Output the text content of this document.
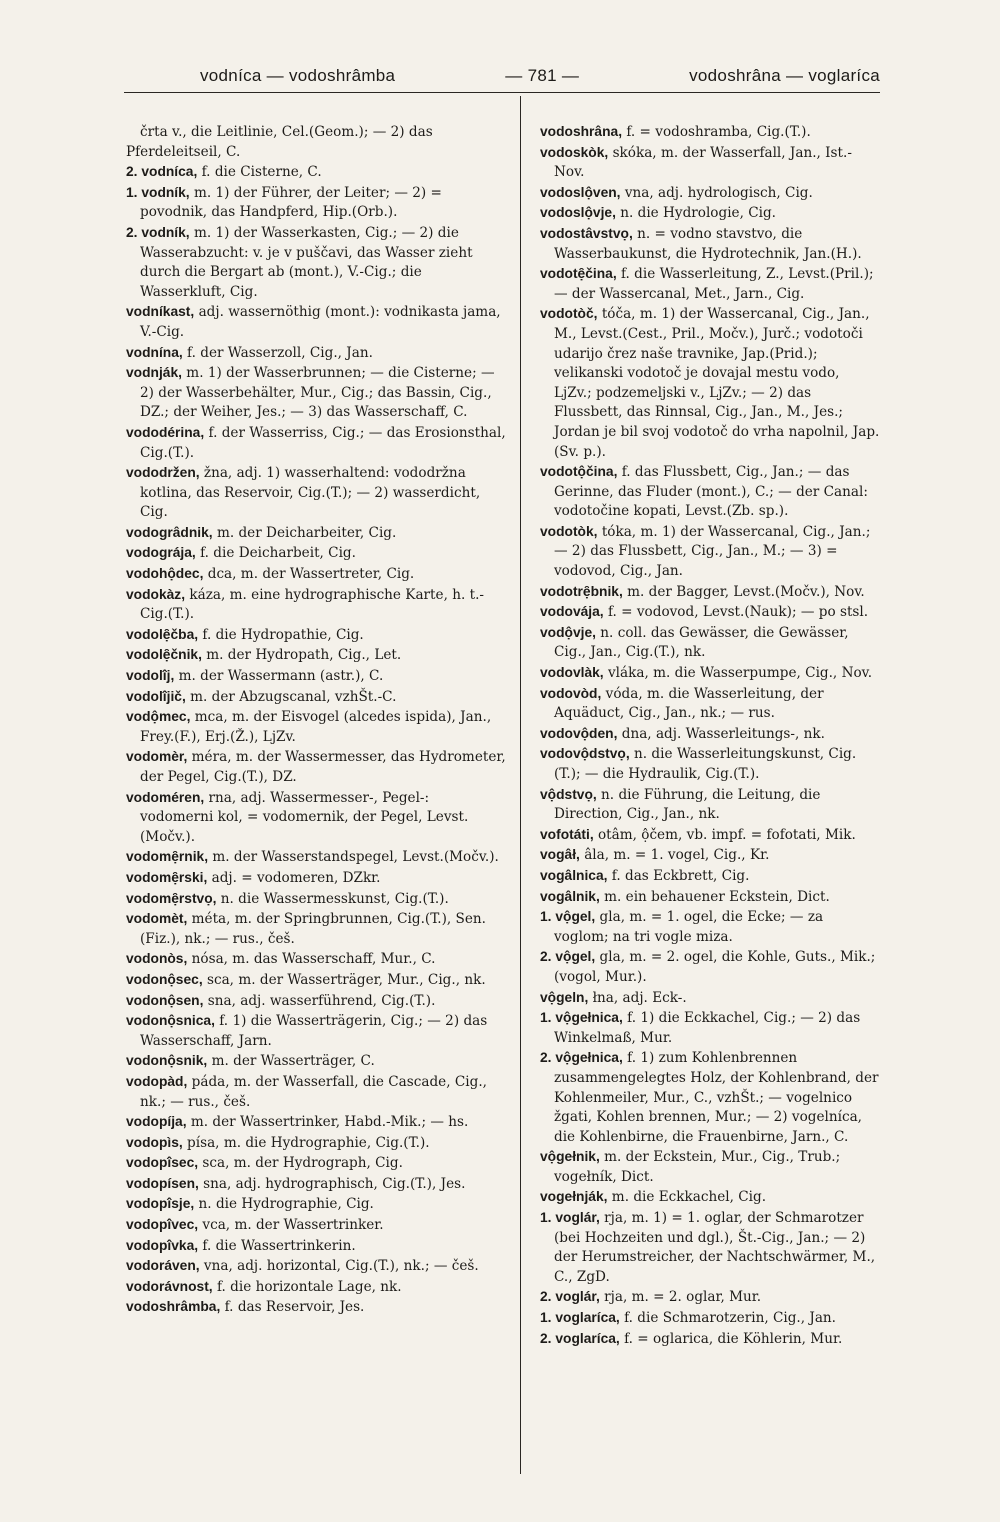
vodníca — vodoshrâmba	— 781 —	vodoshrâna — voglaríca

črta v., die Leitlinie, Cel.(Geom.); — 2) das Pferdeleitseil, C.

2. vodníca, f. die Cisterne, C.

1. vodník, m. 1) der Führer, der Leiter; — 2) = povodnik, das Handpferd, Hip.(Orb.).

2. vodník, m. 1) der Wasserkasten, Cig.; — 2) die Wasserabzucht: v. je v puščavi, das Wasser zieht durch die Bergart ab (mont.), V.-Cig.; die Wasserkluft, Cig.

vodníkast, adj. wassernöthig (mont.): vodnikasta jama, V.-Cig.

vodnína, f. der Wasserzoll, Cig., Jan.

vodnják, m. 1) der Wasserbrunnen; — die Cisterne; — 2) der Wasserbehälter, Mur., Cig.; das Bassin, Cig., DZ.; der Weiher, Jes.; — 3) das Wasserschaff, C.

vododérina, f. der Wasserriss, Cig.; — das Erosionsthal, Cig.(T.).

vododržen, žna, adj. 1) wasserhaltend: vododržna kotlina, das Reservoir, Cig.(T.); — 2) wasserdicht, Cig.

vodogrâdnik, m. der Deicharbeiter, Cig.

vodográja, f. die Deicharbeit, Cig.

vodohộdec, dca, m. der Wassertreter, Cig.

vodokàz, káza, m. eine hydrographische Karte, h. t.-Cig.(T.).

vodolẹ̑čba, f. die Hydropathie, Cig.

vodolẹ̑čnik, m. der Hydropath, Cig., Let.

vodolîj, m. der Wassermann (astr.), C.

vodolîjič, m. der Abzugscanal, vzhŠt.-C.

vodộmec, mca, m. der Eisvogel (alcedes ispida), Jan., Frey.(F.), Erj.(Ž.), LjZv.

vodomèr, méra, m. der Wassermesser, das Hydrometer, der Pegel, Cig.(T.), DZ.

vodoméren, rna, adj. Wassermesser-, Pegel-: vodomerni kol, = vodomernik, der Pegel, Levst.(Močv.).

vodomẹ̑rnik, m. der Wasserstandspegel, Levst.(Močv.).

vodomẹ̑rski, adj. = vodomeren, DZkr.

vodomẹ̑rstvọ, n. die Wassermesskunst, Cig.(T.).

vodomèt, méta, m. der Springbrunnen, Cig.(T.), Sen.(Fiz.), nk.; — rus., češ.

vodonòs, nósa, m. das Wasserschaff, Mur., C.

vodonộsec, sca, m. der Wasserträger, Mur., Cig., nk.

vodonộsen, sna, adj. wasserführend, Cig.(T.).

vodonộsnica, f. 1) die Wasserträgerin, Cig.; — 2) das Wasserschaff, Jarn.

vodonộsnik, m. der Wasserträger, C.

vodopàd, páda, m. der Wasserfall, die Cascade, Cig., nk.; — rus., češ.

vodopíja, m. der Wassertrinker, Habd.-Mik.; — hs.

vodopìs, písa, m. die Hydrographie, Cig.(T.).

vodopîsec, sca, m. der Hydrograph, Cig.

vodopísen, sna, adj. hydrographisch, Cig.(T.), Jes.

vodopîsje, n. die Hydrographie, Cig.

vodopîvec, vca, m. der Wassertrinker.

vodopîvka, f. die Wassertrinkerin.

vodoráven, vna, adj. horizontal, Cig.(T.), nk.; — češ.

vodorávnost, f. die horizontale Lage, nk.

vodoshrâmba, f. das Reservoir, Jes.

vodoshrâna, f. = vodoshramba, Cig.(T.).

vodoskòk, skóka, m. der Wasserfall, Jan., Ist.-Nov.

vodoslộven, vna, adj. hydrologisch, Cig.

vodoslộvje, n. die Hydrologie, Cig.

vodostâvstvọ, n. = vodno stavstvo, die Wasserbaukunst, die Hydrotechnik, Jan.(H.).

vodotẹ̑čina, f. die Wasserleitung, Z., Levst.(Pril.); — der Wassercanal, Met., Jarn., Cig.

vodotòč, tóča, m. 1) der Wassercanal, Cig., Jan., M., Levst.(Cest., Pril., Močv.), Jurč.; vodotoči udarijo črez naše travnike, Jap.(Prid.); velikanski vodotoč je dovajal mestu vodo, LjZv.; podzemeljski v., LjZv.; — 2) das Flussbett, das Rinnsal, Cig., Jan., M., Jes.; Jordan je bil svoj vodotoč do vrha napolnil, Jap.(Sv. p.).

vodotộčina, f. das Flussbett, Cig., Jan.; — das Gerinne, das Fluder (mont.), C.; — der Canal: vodotočine kopati, Levst.(Zb. sp.).

vodotòk, tóka, m. 1) der Wassercanal, Cig., Jan.; — 2) das Flussbett, Cig., Jan., M.; — 3) = vodovod, Cig., Jan.

vodotrẹ̑bnik, m. der Bagger, Levst.(Močv.), Nov.

vodovája, f. = vodovod, Levst.(Nauk); — po stsl.

vodộvje, n. coll. das Gewässer, die Gewässer, Cig., Jan., Cig.(T.), nk.

vodovlàk, vláka, m. die Wasserpumpe, Cig., Nov.

vodovòd, vóda, m. die Wasserleitung, der Aquäduct, Cig., Jan., nk.; — rus.

vodovộden, dna, adj. Wasserleitungs-, nk.

vodovộdstvọ, n. die Wasserleitungskunst, Cig.(T.); — die Hydraulik, Cig.(T.).

vộdstvọ, n. die Führung, die Leitung, die Direction, Cig., Jan., nk.

vofotáti, otâm, ộčem, vb. impf. = fofotati, Mik.

vogâł, âla, m. = 1. vogel, Cig., Kr.

vogâlnica, f. das Eckbrett, Cig.

vogâlnik, m. ein behauener Eckstein, Dict.

1. vộgel, gla, m. = 1. ogel, die Ecke; — za voglom; na tri vogle miza.

2. vộgel, gla, m. = 2. ogel, die Kohle, Guts., Mik.; (vogol, Mur.).

vộgeln, łna, adj. Eck-.

1. vộgełnica, f. 1) die Eckkachel, Cig.; — 2) das Winkelmaß, Mur.

2. vộgełnica, f. 1) zum Kohlenbrennen zusammengelegtes Holz, der Kohlenbrand, der Kohlenmeiler, Mur., C., vzhŠt.; — vogelnico žgati, Kohlen brennen, Mur.; — 2) vogelníca, die Kohlenbirne, die Frauenbirne, Jarn., C.

vộgełnik, m. der Eckstein, Mur., Cig., Trub.; vogełník, Dict.

vogełnják, m. die Eckkachel, Cig.

1. voglár, rja, m. 1) = 1. oglar, der Schmarotzer (bei Hochzeiten und dgl.), Št.-Cig., Jan.; — 2) der Herumstreicher, der Nachtschwärmer, M., C., ZgD.

2. voglár, rja, m. = 2. oglar, Mur.

1. voglaríca, f. die Schmarotzerin, Cig., Jan.

2. voglaríca, f. = oglarica, die Köhlerin, Mur.
